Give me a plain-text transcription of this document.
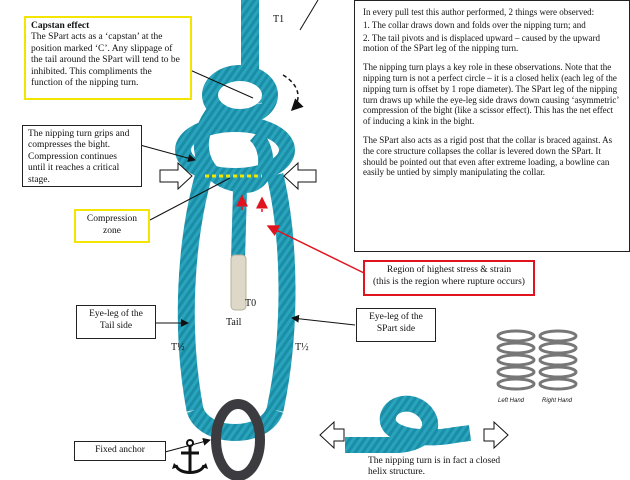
Capstan effect
The SPart acts as a ‘capstan’ at the position marked ‘C’. Any slippage of the tail around the SPart will tend to be inhibited. This compliments the function of the nipping turn.
The nipping turn grips and compresses the bight. Compression continues until it reaches a critical stage.
Compression zone
Eye-leg of the Tail side
Eye-leg of the SPart side
Fixed anchor
Region of highest stress & strain
(this is the region where rupture occurs)

In every pull test this author performed, 2 things were observed:

1. The collar draws down and folds over the nipping turn; and

2. The tail pivots and is displaced upward – caused by the upward motion of the SPart leg of the nipping turn.

The nipping turn plays a key role in these observations. Note that the nipping turn is not a perfect circle – it is a closed helix (each leg of the nipping turn is offset by 1 rope diameter). The SPart leg of the nipping turn draws up while the eye-leg side draws down causing ‘asymmetric’ compression of the bight (like a scissor effect). This has the net effect of inducing a kink in the bight.

The SPart also acts as a rigid post that the collar is braced against. As the core structure collapses the collar is levered down the SPart. It should be pointed out that even after extreme loading, a bowline can easily be untied by simply manipulating the collar.

T1
C
T0
Tail
T½	T½
Left Hand	Right Hand
The nipping turn is in fact a closed helix structure.
